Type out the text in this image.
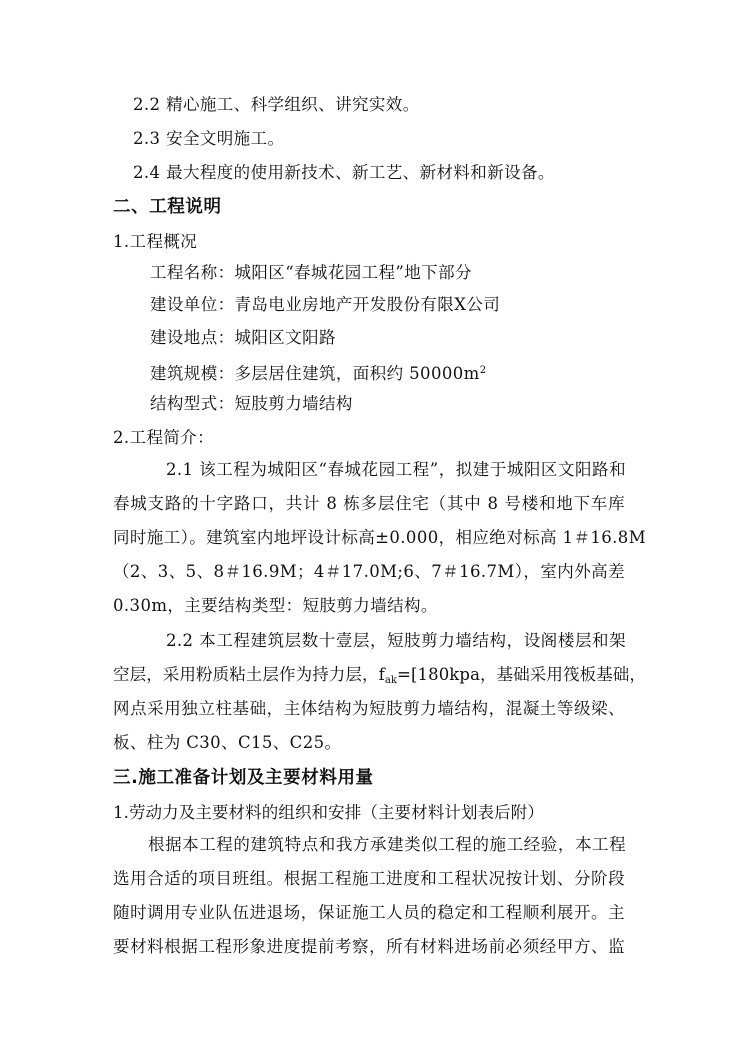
2.2 精心施工、科学组织、讲究实效。
2.3 安全文明施工。
2.4 最大程度的使用新技术、新工艺、新材料和新设备。
二、工程说明
1.工程概况
工程名称：城阳区“春城花园工程”地下部分
建设单位：青岛电业房地产开发股份有限X公司
建设地点：城阳区文阳路
建筑规模：多层居住建筑，面积约 $50000m^2$
结构型式：短肢剪力墙结构
2.工程简介：
2.1 该工程为城阳区“春城花园工程”，拟建于城阳区文阳路和
春城支路的十字路口，共计 8 栋多层住宅（其中 8 号楼和地下车库
同时施工）。建筑室内地坪设计标高±0.000，相应绝对标高 1＃16.8M
（2、3、5、8＃16.9M；4＃17.0M;6、7＃16.7M），室内外高差
0.30m，主要结构类型：短肢剪力墙结构。
2.2 本工程建筑层数十壹层，短肢剪力墙结构，设阁楼层和架
空层，采用粉质粘土层作为持力层，$f_{ak}=[180kpa$，基础采用筏板基础，
网点采用独立柱基础，主体结构为短肢剪力墙结构，混凝土等级梁、
板、柱为 C30、C15、C25。
三.施工准备计划及主要材料用量
1.劳动力及主要材料的组织和安排（主要材料计划表后附）
根据本工程的建筑特点和我方承建类似工程的施工经验，本工程
选用合适的项目班组。根据工程施工进度和工程状况按计划、分阶段
随时调用专业队伍进退场，保证施工人员的稳定和工程顺利展开。主
要材料根据工程形象进度提前考察，所有材料进场前必须经甲方、监
